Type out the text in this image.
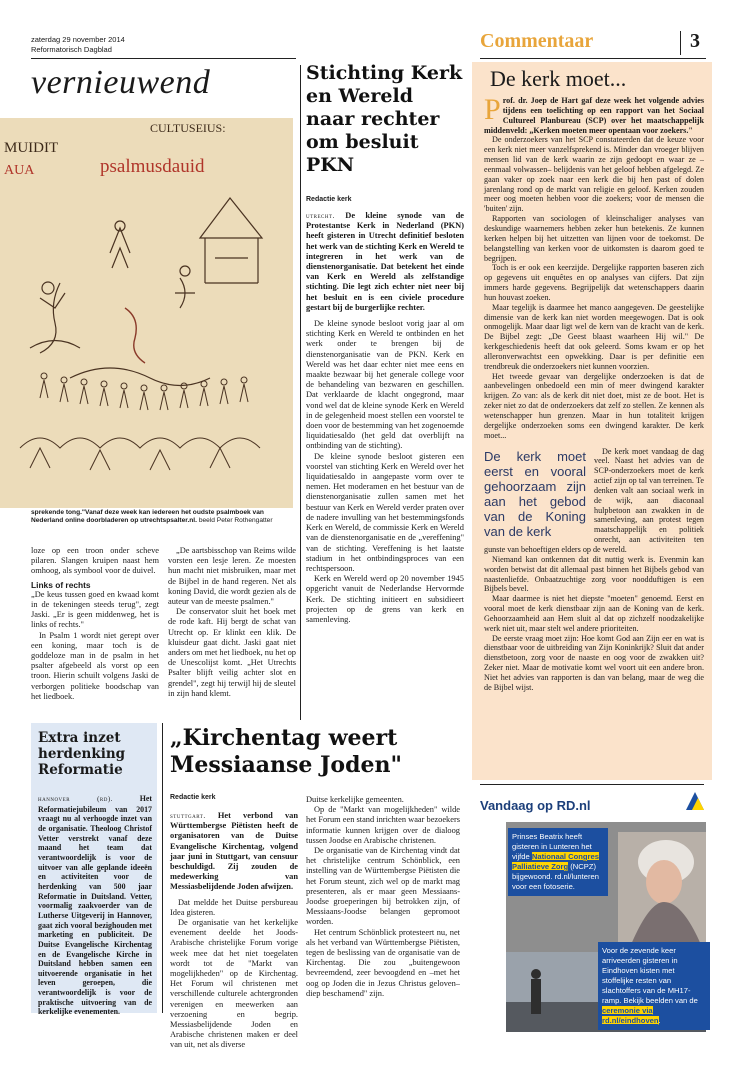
zaterdag 29 november 2014
Reformatorisch Dagblad	Commentaar	3
vernieuwend
CULTUSEIUS:
MUIDIT
AUA	psalmusdauid
sprekende tong."Vanaf deze week kan iedereen het oudste psalmboek van Nederland online doorbladeren op utrechtspsalter.nl. beeld Peter Rothengatter

loze op een troon onder scheve pilaren. Slangen kruipen naast hem omhoog, als symbool voor de duivel.

Links of rechts

„De keus tussen goed en kwaad komt in de tekeningen steeds terug", zegt Jaski. „Er is geen middenweg, het is links of rechts."

In Psalm 1 wordt niet gerept over een koning, maar toch is de goddeloze man in de psalm in het psalter afgebeeld als vorst op een troon. Hierin schuilt volgens Jaski de verborgen politieke boodschap van het liedboek.

„De aartsbisschop van Reims wilde vorsten een lesje leren. Ze moesten hun macht niet misbruiken, maar met de Bijbel in de hand regeren. Net als koning David, die wordt gezien als de auteur van de meeste psalmen."

De conservator sluit het boek met de rode kaft. Hij bergt de schat van Utrecht op. Er klinkt een klik. De kluisdeur gaat dicht. Jaski gaat niet anders om met het liedboek, nu het op de Unescolijst komt. „Het Utrechts Psalter blijft veilig achter slot en grendel", zegt hij terwijl hij de sleutel in zijn hand klemt.

Stichting Kerk en Wereld naar rechter om besluit PKN
Redactie kerk

utrecht. De kleine synode van de Protestantse Kerk in Nederland (PKN) heeft gisteren in Utrecht definitief besloten het werk van de stichting Kerk en Wereld te integreren in het werk van de dienstenorganisatie. Dat betekent het einde van Kerk en Wereld als zelfstandige stichting. Die legt zich echter niet neer bij het besluit en is een civiele procedure gestart bij de burgerlijke rechter.

De kleine synode besloot vorig jaar al om stichting Kerk en Wereld te ontbinden en het werk onder te brengen bij de dienstenorganisatie van de PKN. Kerk en Wereld was het daar echter niet mee eens en maakte bezwaar bij het generale college voor de behandeling van bezwaren en geschillen. Dat verklaarde de klacht ongegrond, maar vond wel dat de kleine synode Kerk en Wereld in de gelegenheid moest stellen een voorstel te doen voor de bestemming van het zogenoemde liquidatiesaldo (het geld dat overblijft na ontbinding van de stichting).

De kleine synode besloot gisteren een voorstel van stichting Kerk en Wereld over het liquidatiesaldo in aangepaste vorm over te nemen. Het moderamen en het bestuur van de dienstenorganisatie zullen samen met het bestuur van Kerk en Wereld verder praten over de nadere invulling van het bestemmingsfonds Kerk en Wereld, de commissie Kerk en Wereld van de dienstenorganisatie en de „vereffening" van de stichting. Vereffening is het laatste stadium in het ontbindingsproces van een rechtspersoon.

Kerk en Wereld werd op 20 november 1945 opgericht vanuit de Nederlandse Hervormde Kerk. De stichting initieert en subsidieert projecten op de grens van kerk en samenleving.

De kerk moet...

Prof. dr. Joep de Hart gaf deze week het volgende advies tijdens een toelichting op een rapport van het Sociaal Cultureel Planbureau (SCP) over het maatschappelijk middenveld: „Kerken moeten meer opentaan voor zoekers."

De onderzoekers van het SCP constateerden dat de keuze voor een kerk niet meer vanzelfsprekend is. Minder dan vroeger blijven mensen lid van de kerk waarin ze zijn gedoopt en waar ze –eenmaal volwassen– belijdenis van het geloof hebben afgelegd. Ze gaan vaker op zoek naar een kerk die bij hen past of dolen jarenlang rond op de markt van religie en geloof. Kerken zouden meer oog moeten hebben voor die zoekers; voor de mensen die 'buiten' zijn.

Rapporten van sociologen of kleinschaliger analyses van deskundige waarnemers hebben zeker hun betekenis. Ze kunnen kerken helpen bij het uitzetten van lijnen voor de toekomst. De belangstelling van kerken voor de uitkomsten is daarom goed te begrijpen.

Toch is er ook een keerzijde. Dergelijke rapporten baseren zich op gegevens uit enquêtes en op analyses van cijfers. Dat zijn immers harde gegevens. Begrijpelijk dat wetenschappers daarin hun houvast zoeken.

Maar tegelijk is daarmee het manco aangegeven. De geestelijke dimensie van de kerk kan niet worden meegewogen. Dat is ook onmogelijk. Maar daar ligt wel de kern van de kracht van de kerk. De Bijbel zegt: „De Geest blaast waarheen Hij wil." De kerkgeschiedenis heeft dat ook geleerd. Soms kwam er op het alleronverwachtst een opwekking. Daar is per definitie een trendbreuk die onderzoekers niet kunnen voorzien.

Het tweede gevaar van dergelijke onderzoeken is dat de aanbevelingen onbedoeld een min of meer dwingend karakter krijgen. Zo van: als de kerk dit niet doet, mist ze de boot. Het is zeker niet zo dat de onderzoekers dat zelf zo stellen. Ze kennen als wetenschapper hun grenzen. Maar in hun totaliteit krijgen dergelijke onderzoeken soms een dwingend karakter. De kerk moet...

De kerk moet eerst en vooral gehoorzaam zijn aan het gebod van de Koning van de kerk

De kerk moet vandaag de dag veel. Naast het advies van de SCP-onderzoekers moet de kerk actief zijn op tal van terreinen. Te denken valt aan sociaal werk in de wijk, aan diaconaal hulpbetoon aan zwakken in de samenleving, aan protest tegen maatschappelijk en politiek onrecht, aan activiteiten ten gunste van behoeftigen elders op de wereld.

Niemand kan ontkennen dat dit nuttig werk is. Evenmin kan worden betwist dat dit allemaal past binnen het Bijbels gebod van naastenliefde. Onbaatzuchtige zorg voor noodduftigen is een Bijbels bevel.

Maar daarmee is niet het diepste "moeten" genoemd. Eerst en vooral moet de kerk dienstbaar zijn aan de Koning van de kerk. Gehoorzaamheid aan Hem sluit al dat op zichzelf noodzakelijke werk niet uit, maar stelt wel andere prioriteiten.

De eerste vraag moet zijn: Hoe komt God aan Zijn eer en wat is dienstbaar voor de uitbreiding van Zijn Koninkrijk? Sluit dat ander dienstbetoon, zorg voor de naaste en oog voor de zwakken uit? Zeker niet. Maar de motivatie komt wel voort uit een andere bron. Niet het advies van rapporten is dan van belang, maar de weg die de Bijbel wijst.

Extra inzet herdenking Reformatie

hannover (rd).	Het Reformatiejubileum van 2017 vraagt nu al verhoogde inzet van de organisatie. Theoloog Christof Vetter verstrekt vanaf deze maand het team dat verantwoordelijk is voor de uitvoer van alle geplande ideeën en activiteiten voor de herdenking van 500 jaar Reformatie in Duitsland. Vetter, voormalig zaakvoerder van de Lutherse Uitgeverij in Hannover, gaat zich vooral bezighouden met marketing en publiciteit. De Duitse Evangelische Kirchentag en de Evangelische Kirche in Duitsland hebben samen een uitvoerende organisatie in het leven geroepen, die verantwoordelijk is voor de praktische uitvoering van de kerkelijke evenementen.

„Kirchentag weert Messiaanse Joden"
Redactie kerk

stuttgart. Het verbond van Württembergse Piëtisten heeft de organisatoren van de Duitse Evangelische Kirchentag, volgend jaar juni in Stuttgart, van censuur beschuldigd. Zij zouden de medewerking van Messiasbelijdende Joden afwijzen.

Dat meldde het Duitse persbureau Idea gisteren.

De organisatie van het kerkelijke evenement deelde het Joods-Arabische christelijke Forum vorige week mee dat het niet toegelaten wordt tot de "Markt van mogelijkheden" op de Kirchentag. Het Forum wil christenen met verschillende culturele achtergronden verenigen en meewerken aan verzoening en begrip. Messiasbelijdende Joden en Arabische christenen maken er deel van uit, net als diverse

Duitse kerkelijke gemeenten.

Op de "Markt van mogelijkheden" wilde het Forum een stand inrichten waar bezoekers informatie kunnen krijgen over de dialoog tussen Joodse en Arabische christenen.

De organisatie van de Kirchentag vindt dat het christelijke centrum Schönblick, een instelling van de Württembergse Piëtisten die het Forum steunt, zich wel op de markt mag presenteren, als er maar geen Messiaans-Joodse groeperingen bij betrokken zijn, of Messiaans-Joodse belangen gepromoot worden.

Het centrum Schönblick protesteert nu, net als het verband van Württembergse Piëtisten, tegen de beslissing van de organisatie van de Kirchentag. Die zou „buitengewoon bevreemdend, zeer bevoogdend en –met het oog op Joden die in Jezus Christus geloven– diep beschamend" zijn.

Vandaag op RD.nl
Prinses Beatrix heeft gisteren in Lunteren het vijfde Nationaal Congres Palliatieve Zorg (NCPZ) bijgewoond. rd.nl/lunteren voor een fotoserie.
Voor de zevende keer arriveerden gisteren in Eindhoven kisten met stoffelijke resten van slachtoffers van de MH17-ramp. Bekijk beelden van de ceremonie via rd.nl/eindhoven.
